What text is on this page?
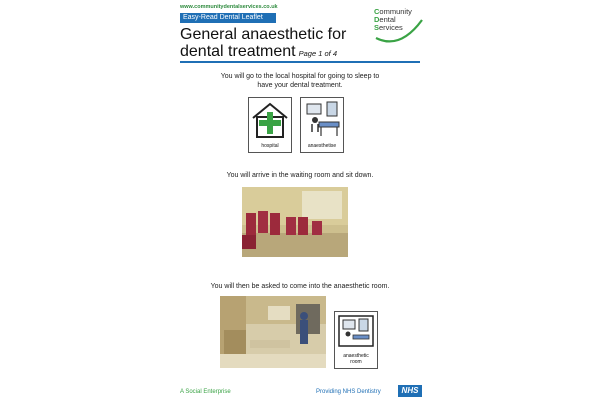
www.communitydentalservices.co.uk
Easy-Read Dental Leaflet
General anaesthetic for
dental treatment Page 1 of 4
Community
Dental
Services
You will go to the local hospital for going to sleep to
have your dental treatment.
hospital	anaesthetise
You will arrive in the waiting room and sit down.
You will then be asked to come into the anaesthetic room.
anaesthetic
room
A Social Enterprise	Providing NHS Dentistry	NHS
